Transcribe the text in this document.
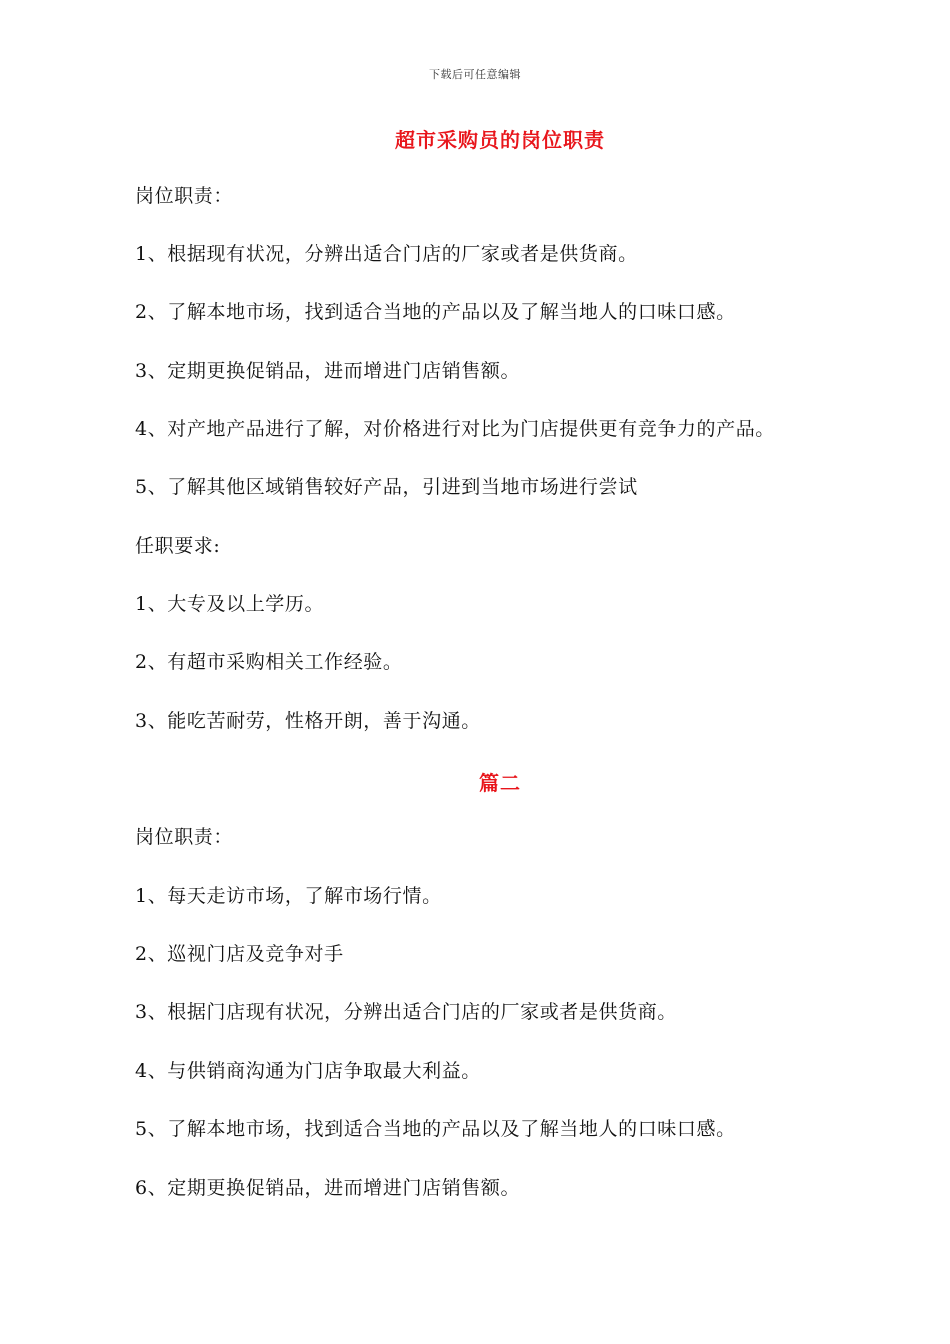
下载后可任意编辑
超市采购员的岗位职责
岗位职责：
1、根据现有状况，分辨出适合门店的厂家或者是供货商。
2、了解本地市场，找到适合当地的产品以及了解当地人的口味口感。
3、定期更换促销品，进而增进门店销售额。
4、对产地产品进行了解，对价格进行对比为门店提供更有竞争力的产品。
5、了解其他区域销售较好产品，引进到当地市场进行尝试
任职要求:
1、大专及以上学历。
2、有超市采购相关工作经验。
3、能吃苦耐劳，性格开朗，善于沟通。
篇二
岗位职责：
1、每天走访市场，了解市场行情。
2、巡视门店及竞争对手
3、根据门店现有状况，分辨出适合门店的厂家或者是供货商。
4、与供销商沟通为门店争取最大利益。
5、了解本地市场，找到适合当地的产品以及了解当地人的口味口感。
6、定期更换促销品，进而增进门店销售额。
